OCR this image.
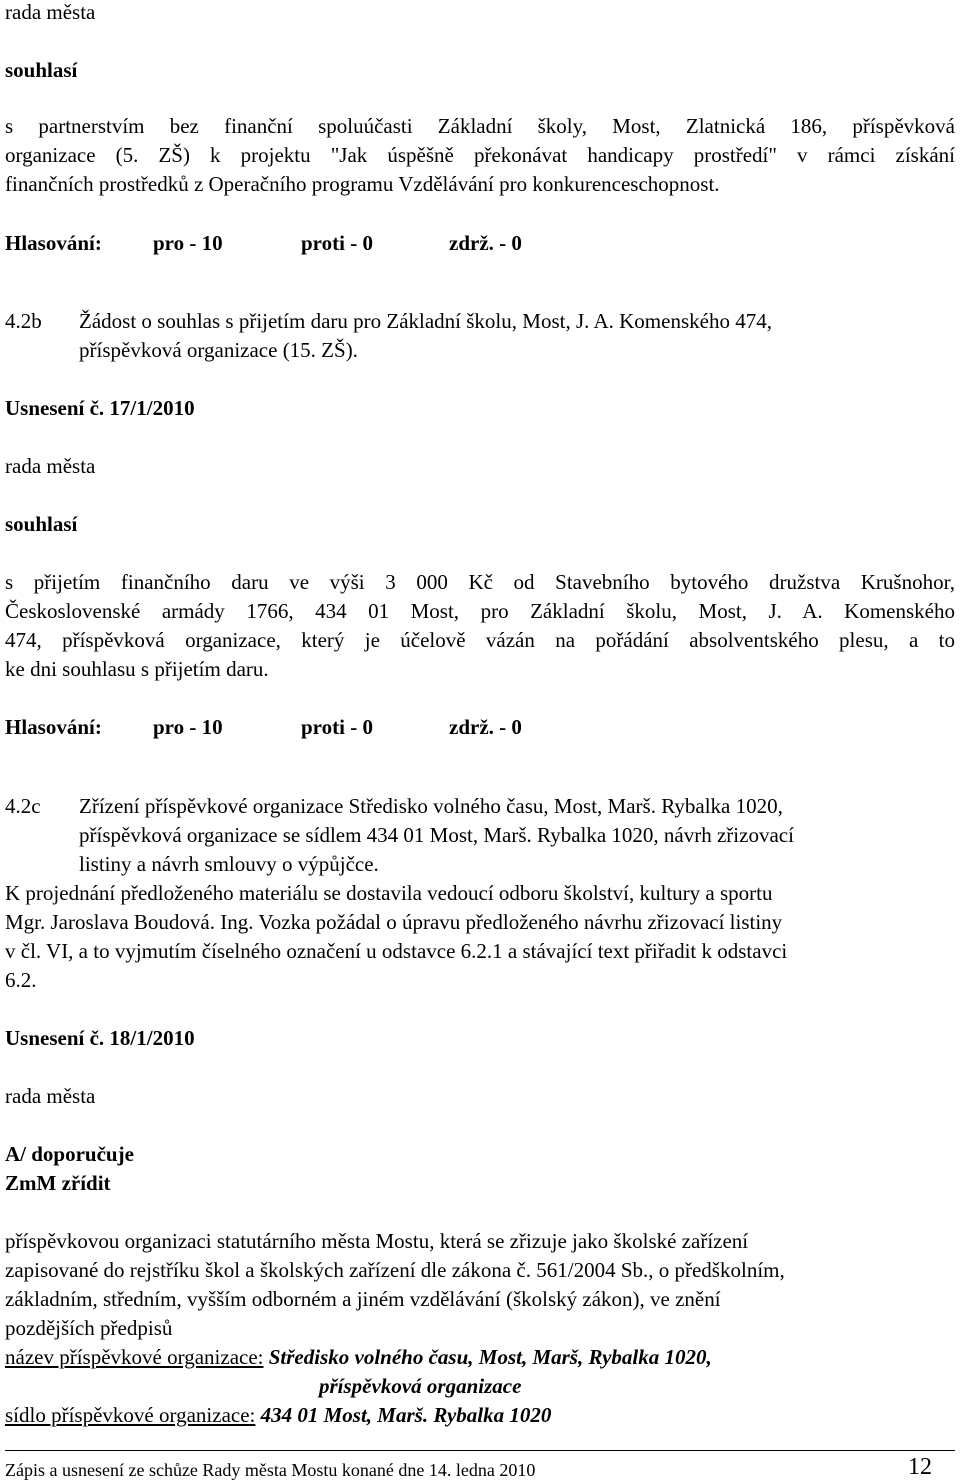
rada města
souhlasí
s partnerstvím bez finanční spoluúčasti Základní školy, Most, Zlatnická 186, příspěvková
organizace (5. ZŠ) k projektu "Jak úspěšně překonávat handicapy prostředí" v rámci získání
finančních prostředků z Operačního programu Vzdělávání pro konkurenceschopnost.
Hlasování: pro - 10	proti - 0	zdrž. - 0
4.2b Žádost o souhlas s přijetím daru pro Základní školu, Most, J. A. Komenského 474,
příspěvková organizace (15. ZŠ).
Usnesení č. 17/1/2010
rada města
souhlasí
s přijetím finančního daru ve výši 3 000 Kč od Stavebního bytového družstva Krušnohor,
Československé armády 1766, 434 01 Most, pro Základní školu, Most, J. A. Komenského
474, příspěvková organizace, který je účelově vázán na pořádání absolventského plesu, a to
ke dni souhlasu s přijetím daru.
Hlasování: pro - 10	proti - 0	zdrž. - 0
4.2c Zřízení příspěvkové organizace Středisko volného času, Most, Marš. Rybalka 1020,
příspěvková organizace se sídlem 434 01 Most, Marš. Rybalka 1020, návrh zřizovací
listiny a návrh smlouvy o výpůjčce.
K projednání předloženého materiálu se dostavila vedoucí odboru školství, kultury a sportu
Mgr. Jaroslava Boudová. Ing. Vozka požádal o úpravu předloženého návrhu zřizovací listiny
v čl. VI, a to vyjmutím číselného označení u odstavce 6.2.1 a stávající text přiřadit k odstavci
6.2.
Usnesení č. 18/1/2010
rada města
A/ doporučuje
ZmM zřídit
příspěvkovou organizaci statutárního města Mostu, která se zřizuje jako školské zařízení
zapisované do rejstříku škol a školských zařízení dle zákona č. 561/2004 Sb., o předškolním,
základním, středním, vyšším odborném a jiném vzdělávání (školský zákon), ve znění
pozdějších předpisů
název příspěvkové organizace: Středisko volného času, Most, Marš, Rybalka 1020,
příspěvková organizace
sídlo příspěvkové organizace: 434 01 Most, Marš. Rybalka 1020
Zápis a usnesení ze schůze Rady města Mostu konané dne 14. ledna 2010	12
